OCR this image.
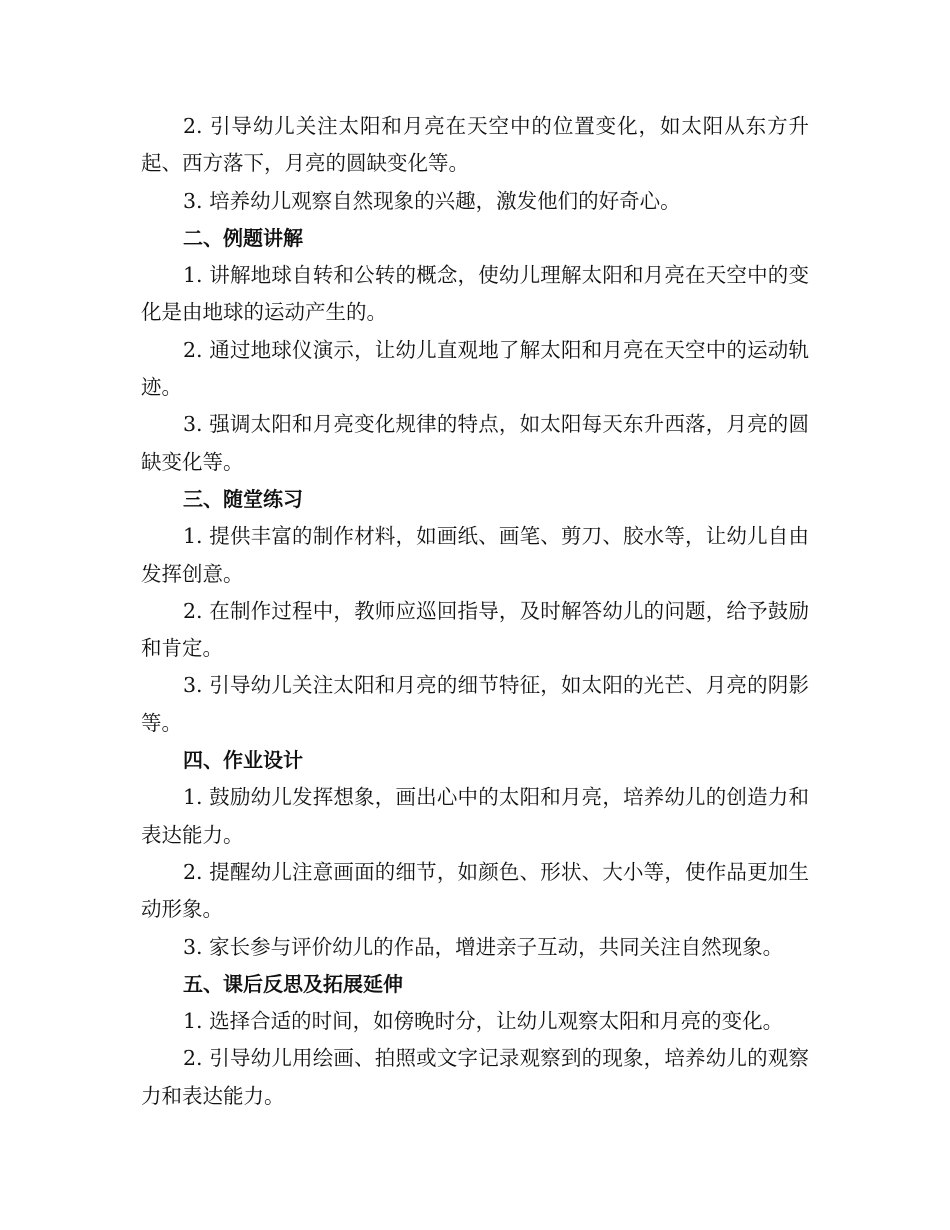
2. 引导幼儿关注太阳和月亮在天空中的位置变化，如太阳从东方升起、西方落下，月亮的圆缺变化等。

3. 培养幼儿观察自然现象的兴趣，激发他们的好奇心。

二、例题讲解

1. 讲解地球自转和公转的概念，使幼儿理解太阳和月亮在天空中的变化是由地球的运动产生的。

2. 通过地球仪演示，让幼儿直观地了解太阳和月亮在天空中的运动轨迹。

3. 强调太阳和月亮变化规律的特点，如太阳每天东升西落，月亮的圆缺变化等。

三、随堂练习

1. 提供丰富的制作材料，如画纸、画笔、剪刀、胶水等，让幼儿自由发挥创意。

2. 在制作过程中，教师应巡回指导，及时解答幼儿的问题，给予鼓励和肯定。

3. 引导幼儿关注太阳和月亮的细节特征，如太阳的光芒、月亮的阴影等。

四、作业设计

1. 鼓励幼儿发挥想象，画出心中的太阳和月亮，培养幼儿的创造力和表达能力。

2. 提醒幼儿注意画面的细节，如颜色、形状、大小等，使作品更加生动形象。

3. 家长参与评价幼儿的作品，增进亲子互动，共同关注自然现象。

五、课后反思及拓展延伸

1. 选择合适的时间，如傍晚时分，让幼儿观察太阳和月亮的变化。

2. 引导幼儿用绘画、拍照或文字记录观察到的现象，培养幼儿的观察力和表达能力。
